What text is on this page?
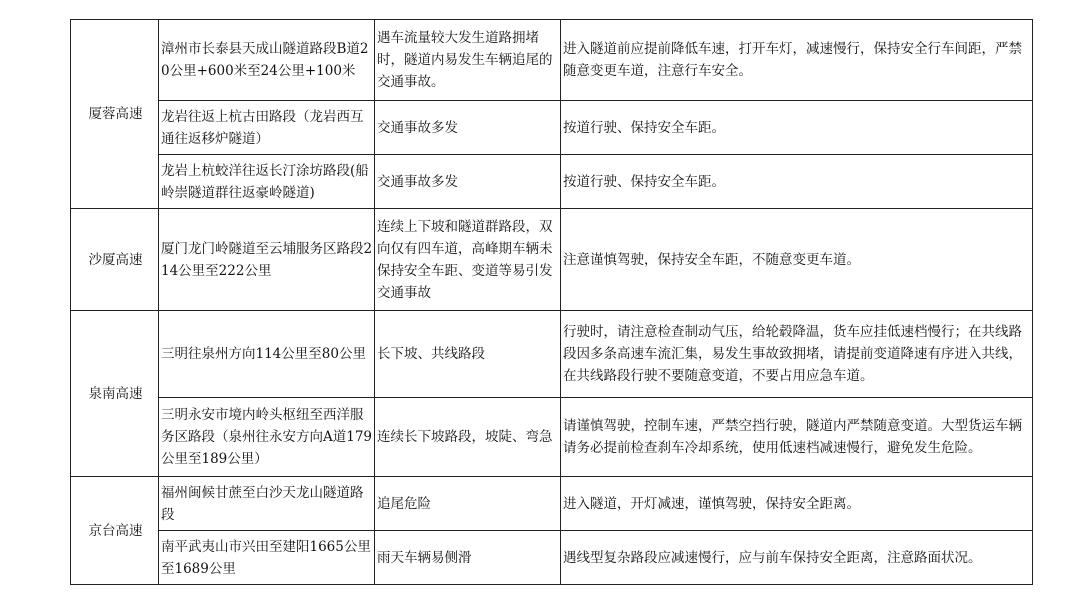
厦蓉高速	漳州市长泰县天成山隧道路段B道20公里+600米至24公里+100米	遇车流量较大发生道路拥堵时，隧道内易发生车辆追尾的交通事故。	进入隧道前应提前降低车速，打开车灯，减速慢行，保持安全行车间距，严禁随意变更车道，注意行车安全。

	龙岩往返上杭古田路段（龙岩西互通往返移炉隧道）	交通事故多发	按道行驶、保持安全车距。

	龙岩上杭蛟洋往返长汀涂坊路段(船岭崇隧道群往返豪岭隧道)	交通事故多发	按道行驶、保持安全车距。

沙厦高速	厦门龙门岭隧道至云埔服务区路段214公里至222公里	连续上下坡和隧道群路段，双向仅有四车道，高峰期车辆未保持安全车距、变道等易引发交通事故	注意谨慎驾驶，保持安全车距，不随意变更车道。

泉南高速	三明往泉州方向114公里至80公里	长下坡、共线路段	行驶时，请注意检查制动气压，给轮毂降温，货车应挂低速档慢行；在共线路段因多条高速车流汇集，易发生事故致拥堵，请提前变道降速有序进入共线，在共线路段行驶不要随意变道，不要占用应急车道。

	三明永安市境内岭头枢纽至西洋服务区路段（泉州往永安方向A道179公里至189公里）	连续长下坡路段，坡陡、弯急	请谨慎驾驶，控制车速，严禁空挡行驶，隧道内严禁随意变道。大型货运车辆请务必提前检查刹车冷却系统，使用低速档减速慢行，避免发生危险。

京台高速	福州闽候甘蔗至白沙天龙山隧道路段	追尾危险	进入隧道，开灯减速，谨慎驾驶，保持安全距离。

	南平武夷山市兴田至建阳1665公里至1689公里	雨天车辆易侧滑	遇线型复杂路段应减速慢行，应与前车保持安全距离，注意路面状况。
